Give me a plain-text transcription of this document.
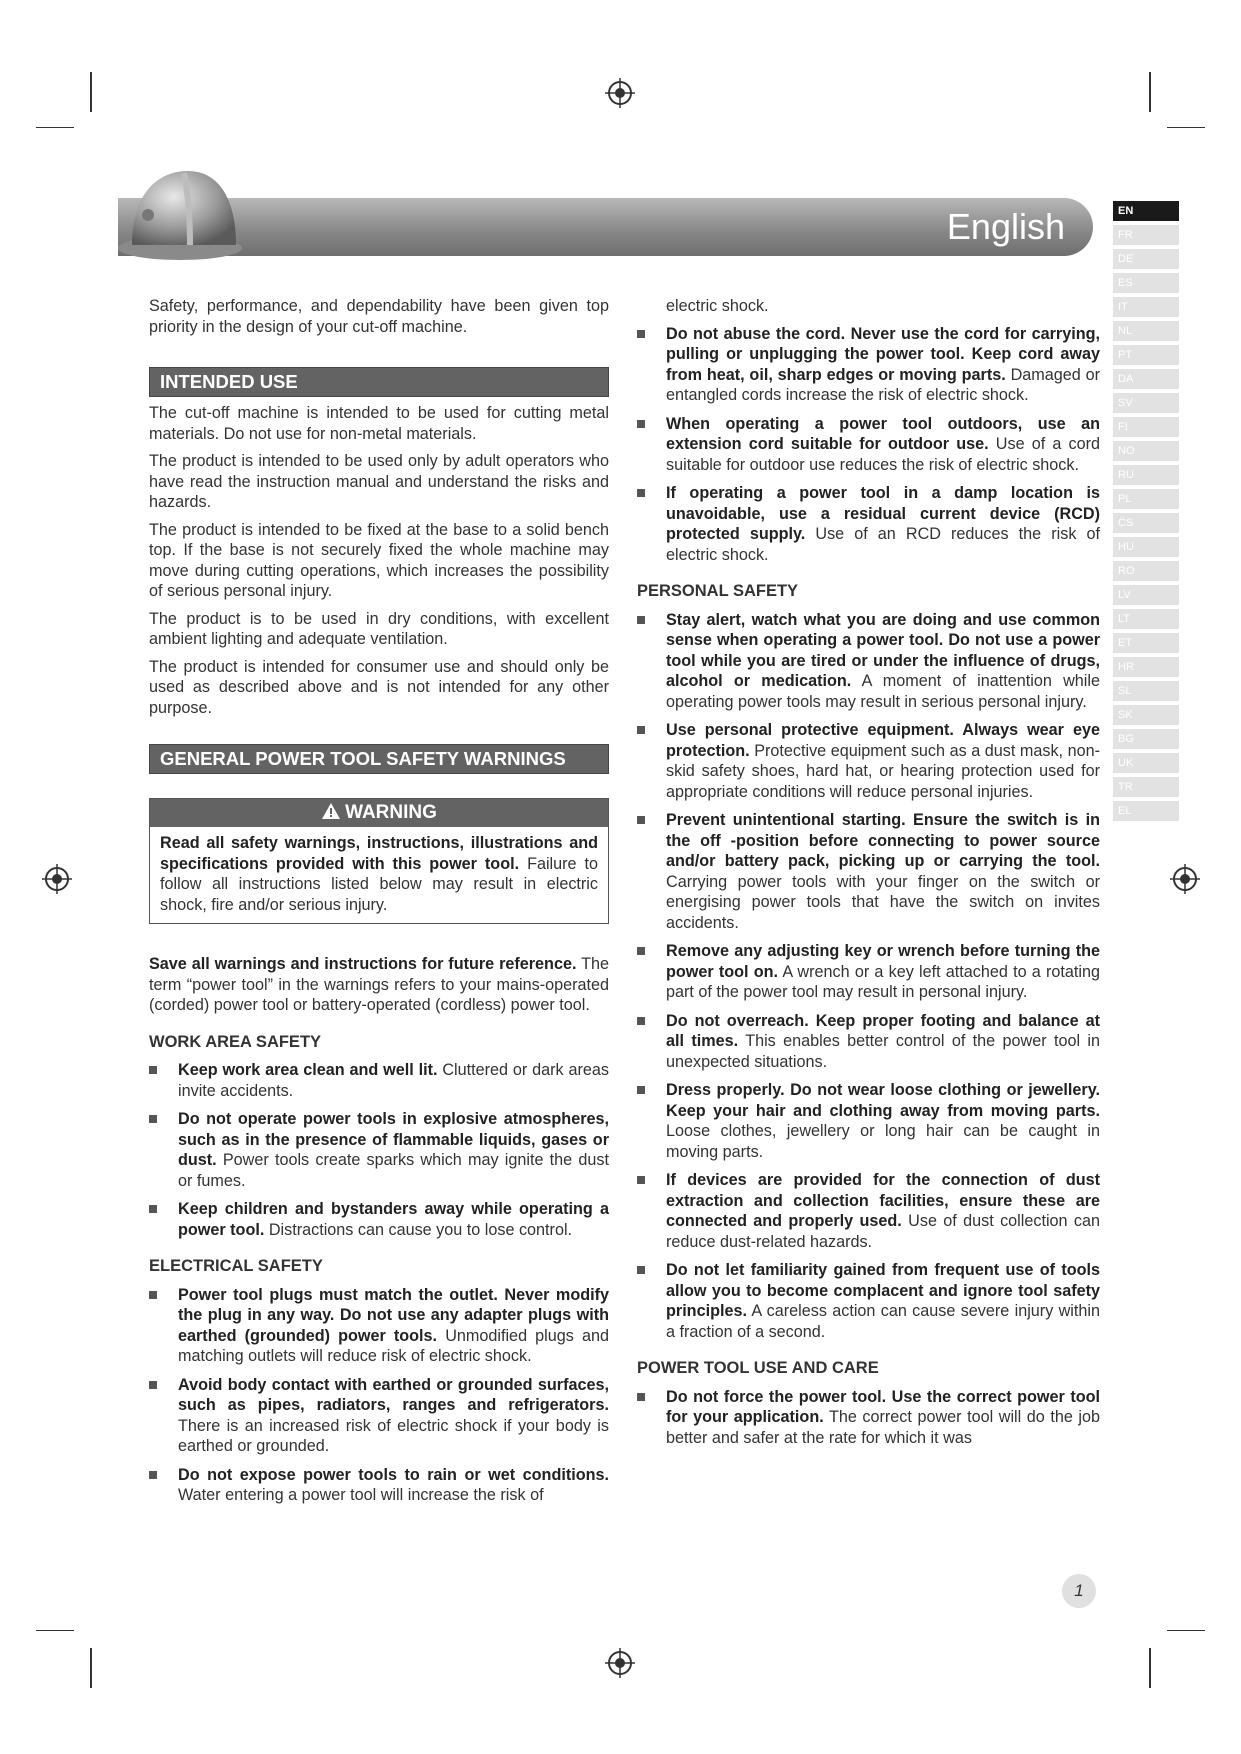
English	EN
FR
DE
ES
IT
NL
PT
DA
SV
FI
NO
RU
PL
CS
HU
RO
LV
LT
ET
HR
SL
SK
BG
UK
TR
EL

Safety, performance, and dependability have been given top priority in the design of your cut-off machine.

INTENDED USE

The cut-off machine is intended to be used for cutting metal materials. Do not use for non-metal materials.

The product is intended to be used only by adult operators who have read the instruction manual and understand the risks and hazards.

The product is intended to be fixed at the base to a solid bench top. If the base is not securely fixed the whole machine may move during cutting operations, which increases the possibility of serious personal injury.

The product is to be used in dry conditions, with excellent ambient lighting and adequate ventilation.

The product is intended for consumer use and should only be used as described above and is not intended for any other purpose.

GENERAL POWER TOOL SAFETY WARNINGS
WARNING
Read all safety warnings, instructions, illustrations and specifications provided with this power tool. Failure to follow all instructions listed below may result in electric shock, fire and/or serious injury.

Save all warnings and instructions for future reference. The term “power tool” in the warnings refers to your mains-operated (corded) power tool or battery-operated (cordless) power tool.

WORK AREA SAFETY
Keep work area clean and well lit. Cluttered or dark areas invite accidents.
Do not operate power tools in explosive atmospheres, such as in the presence of flammable liquids, gases or dust. Power tools create sparks which may ignite the dust or fumes.
Keep children and bystanders away while operating a power tool. Distractions can cause you to lose control.
ELECTRICAL SAFETY
Power tool plugs must match the outlet. Never modify the plug in any way. Do not use any adapter plugs with earthed (grounded) power tools. Unmodified plugs and matching outlets will reduce risk of electric shock.
Avoid body contact with earthed or grounded surfaces, such as pipes, radiators, ranges and refrigerators. There is an increased risk of electric shock if your body is earthed or grounded.
Do not expose power tools to rain or wet conditions. Water entering a power tool will increase the risk of

electric shock.

Do not abuse the cord. Never use the cord for carrying, pulling or unplugging the power tool. Keep cord away from heat, oil, sharp edges or moving parts. Damaged or entangled cords increase the risk of electric shock.
When operating a power tool outdoors, use an extension cord suitable for outdoor use. Use of a cord suitable for outdoor use reduces the risk of electric shock.
If operating a power tool in a damp location is unavoidable, use a residual current device (RCD) protected supply. Use of an RCD reduces the risk of electric shock.
PERSONAL SAFETY
Stay alert, watch what you are doing and use common sense when operating a power tool. Do not use a power tool while you are tired or under the influence of drugs, alcohol or medication. A moment of inattention while operating power tools may result in serious personal injury.
Use personal protective equipment. Always wear eye protection. Protective equipment such as a dust mask, non-skid safety shoes, hard hat, or hearing protection used for appropriate conditions will reduce personal injuries.
Prevent unintentional starting. Ensure the switch is in the off -position before connecting to power source and/or battery pack, picking up or carrying the tool. Carrying power tools with your finger on the switch or energising power tools that have the switch on invites accidents.
Remove any adjusting key or wrench before turning the power tool on. A wrench or a key left attached to a rotating part of the power tool may result in personal injury.
Do not overreach. Keep proper footing and balance at all times. This enables better control of the power tool in unexpected situations.
Dress properly. Do not wear loose clothing or jewellery. Keep your hair and clothing away from moving parts. Loose clothes, jewellery or long hair can be caught in moving parts.
If devices are provided for the connection of dust extraction and collection facilities, ensure these are connected and properly used. Use of dust collection can reduce dust-related hazards.
Do not let familiarity gained from frequent use of tools allow you to become complacent and ignore tool safety principles. A careless action can cause severe injury within a fraction of a second.
POWER TOOL USE AND CARE
Do not force the power tool. Use the correct power tool for your application. The correct power tool will do the job better and safer at the rate for which it was
1
